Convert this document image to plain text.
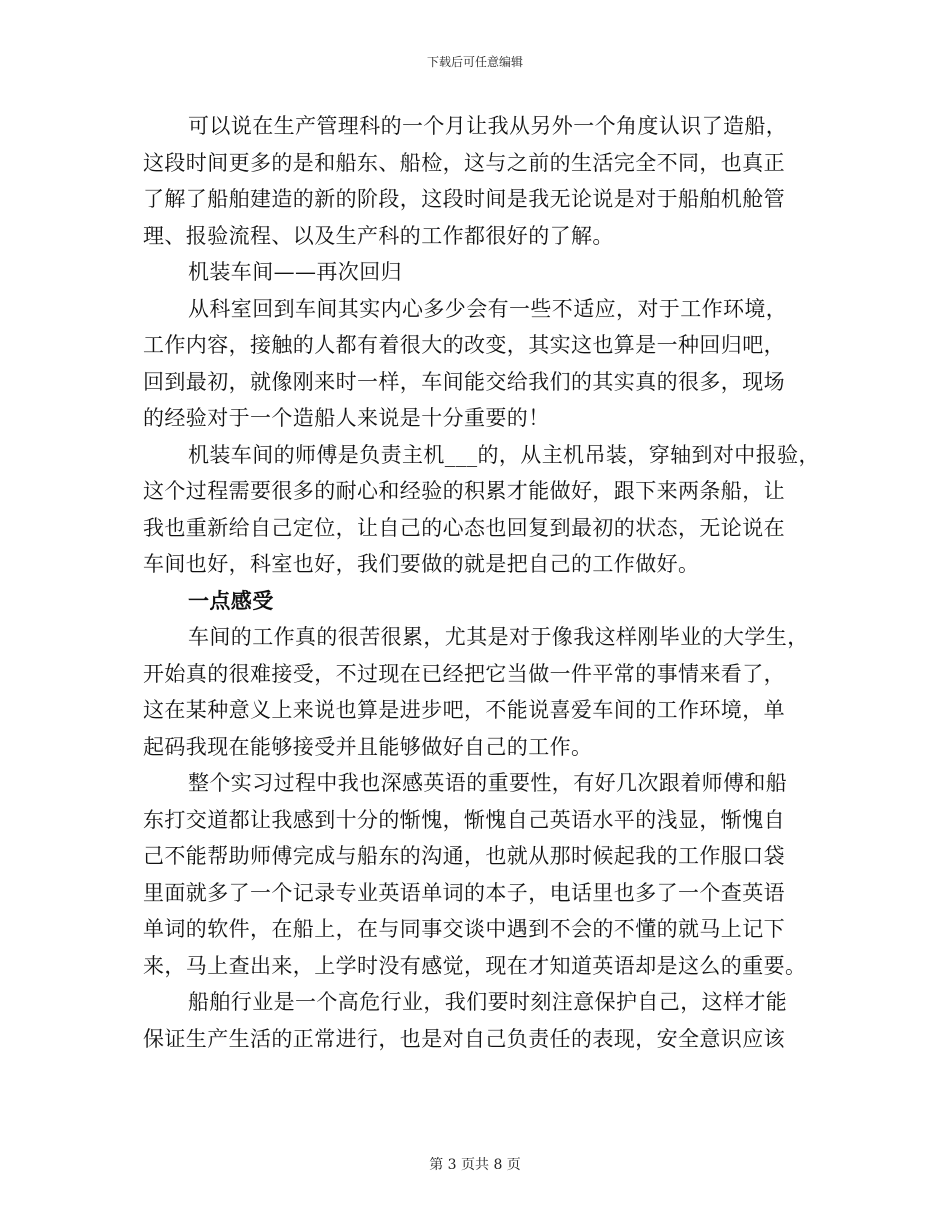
下载后可任意编辑
可以说在生产管理科的一个月让我从另外一个角度认识了造船，
这段时间更多的是和船东、船检，这与之前的生活完全不同，也真正
了解了船舶建造的新的阶段，这段时间是我无论说是对于船舶机舱管
理、报验流程、以及生产科的工作都很好的了解。
机装车间——再次回归
从科室回到车间其实内心多少会有一些不适应，对于工作环境，
工作内容，接触的人都有着很大的改变，其实这也算是一种回归吧，
回到最初，就像刚来时一样，车间能交给我们的其实真的很多，现场
的经验对于一个造船人来说是十分重要的！
机装车间的师傅是负责主机___的，从主机吊装，穿轴到对中报验，
这个过程需要很多的耐心和经验的积累才能做好，跟下来两条船，让
我也重新给自己定位，让自己的心态也回复到最初的状态，无论说在
车间也好，科室也好，我们要做的就是把自己的工作做好。
一点感受
车间的工作真的很苦很累，尤其是对于像我这样刚毕业的大学生，
开始真的很难接受，不过现在已经把它当做一件平常的事情来看了，
这在某种意义上来说也算是进步吧，不能说喜爱车间的工作环境，单
起码我现在能够接受并且能够做好自己的工作。
整个实习过程中我也深感英语的重要性，有好几次跟着师傅和船
东打交道都让我感到十分的惭愧，惭愧自己英语水平的浅显，惭愧自
己不能帮助师傅完成与船东的沟通，也就从那时候起我的工作服口袋
里面就多了一个记录专业英语单词的本子，电话里也多了一个查英语
单词的软件，在船上，在与同事交谈中遇到不会的不懂的就马上记下
来，马上查出来，上学时没有感觉，现在才知道英语却是这么的重要。
船舶行业是一个高危行业，我们要时刻注意保护自己，这样才能
保证生产生活的正常进行，也是对自己负责任的表现，安全意识应该
第 3 页共 8 页
